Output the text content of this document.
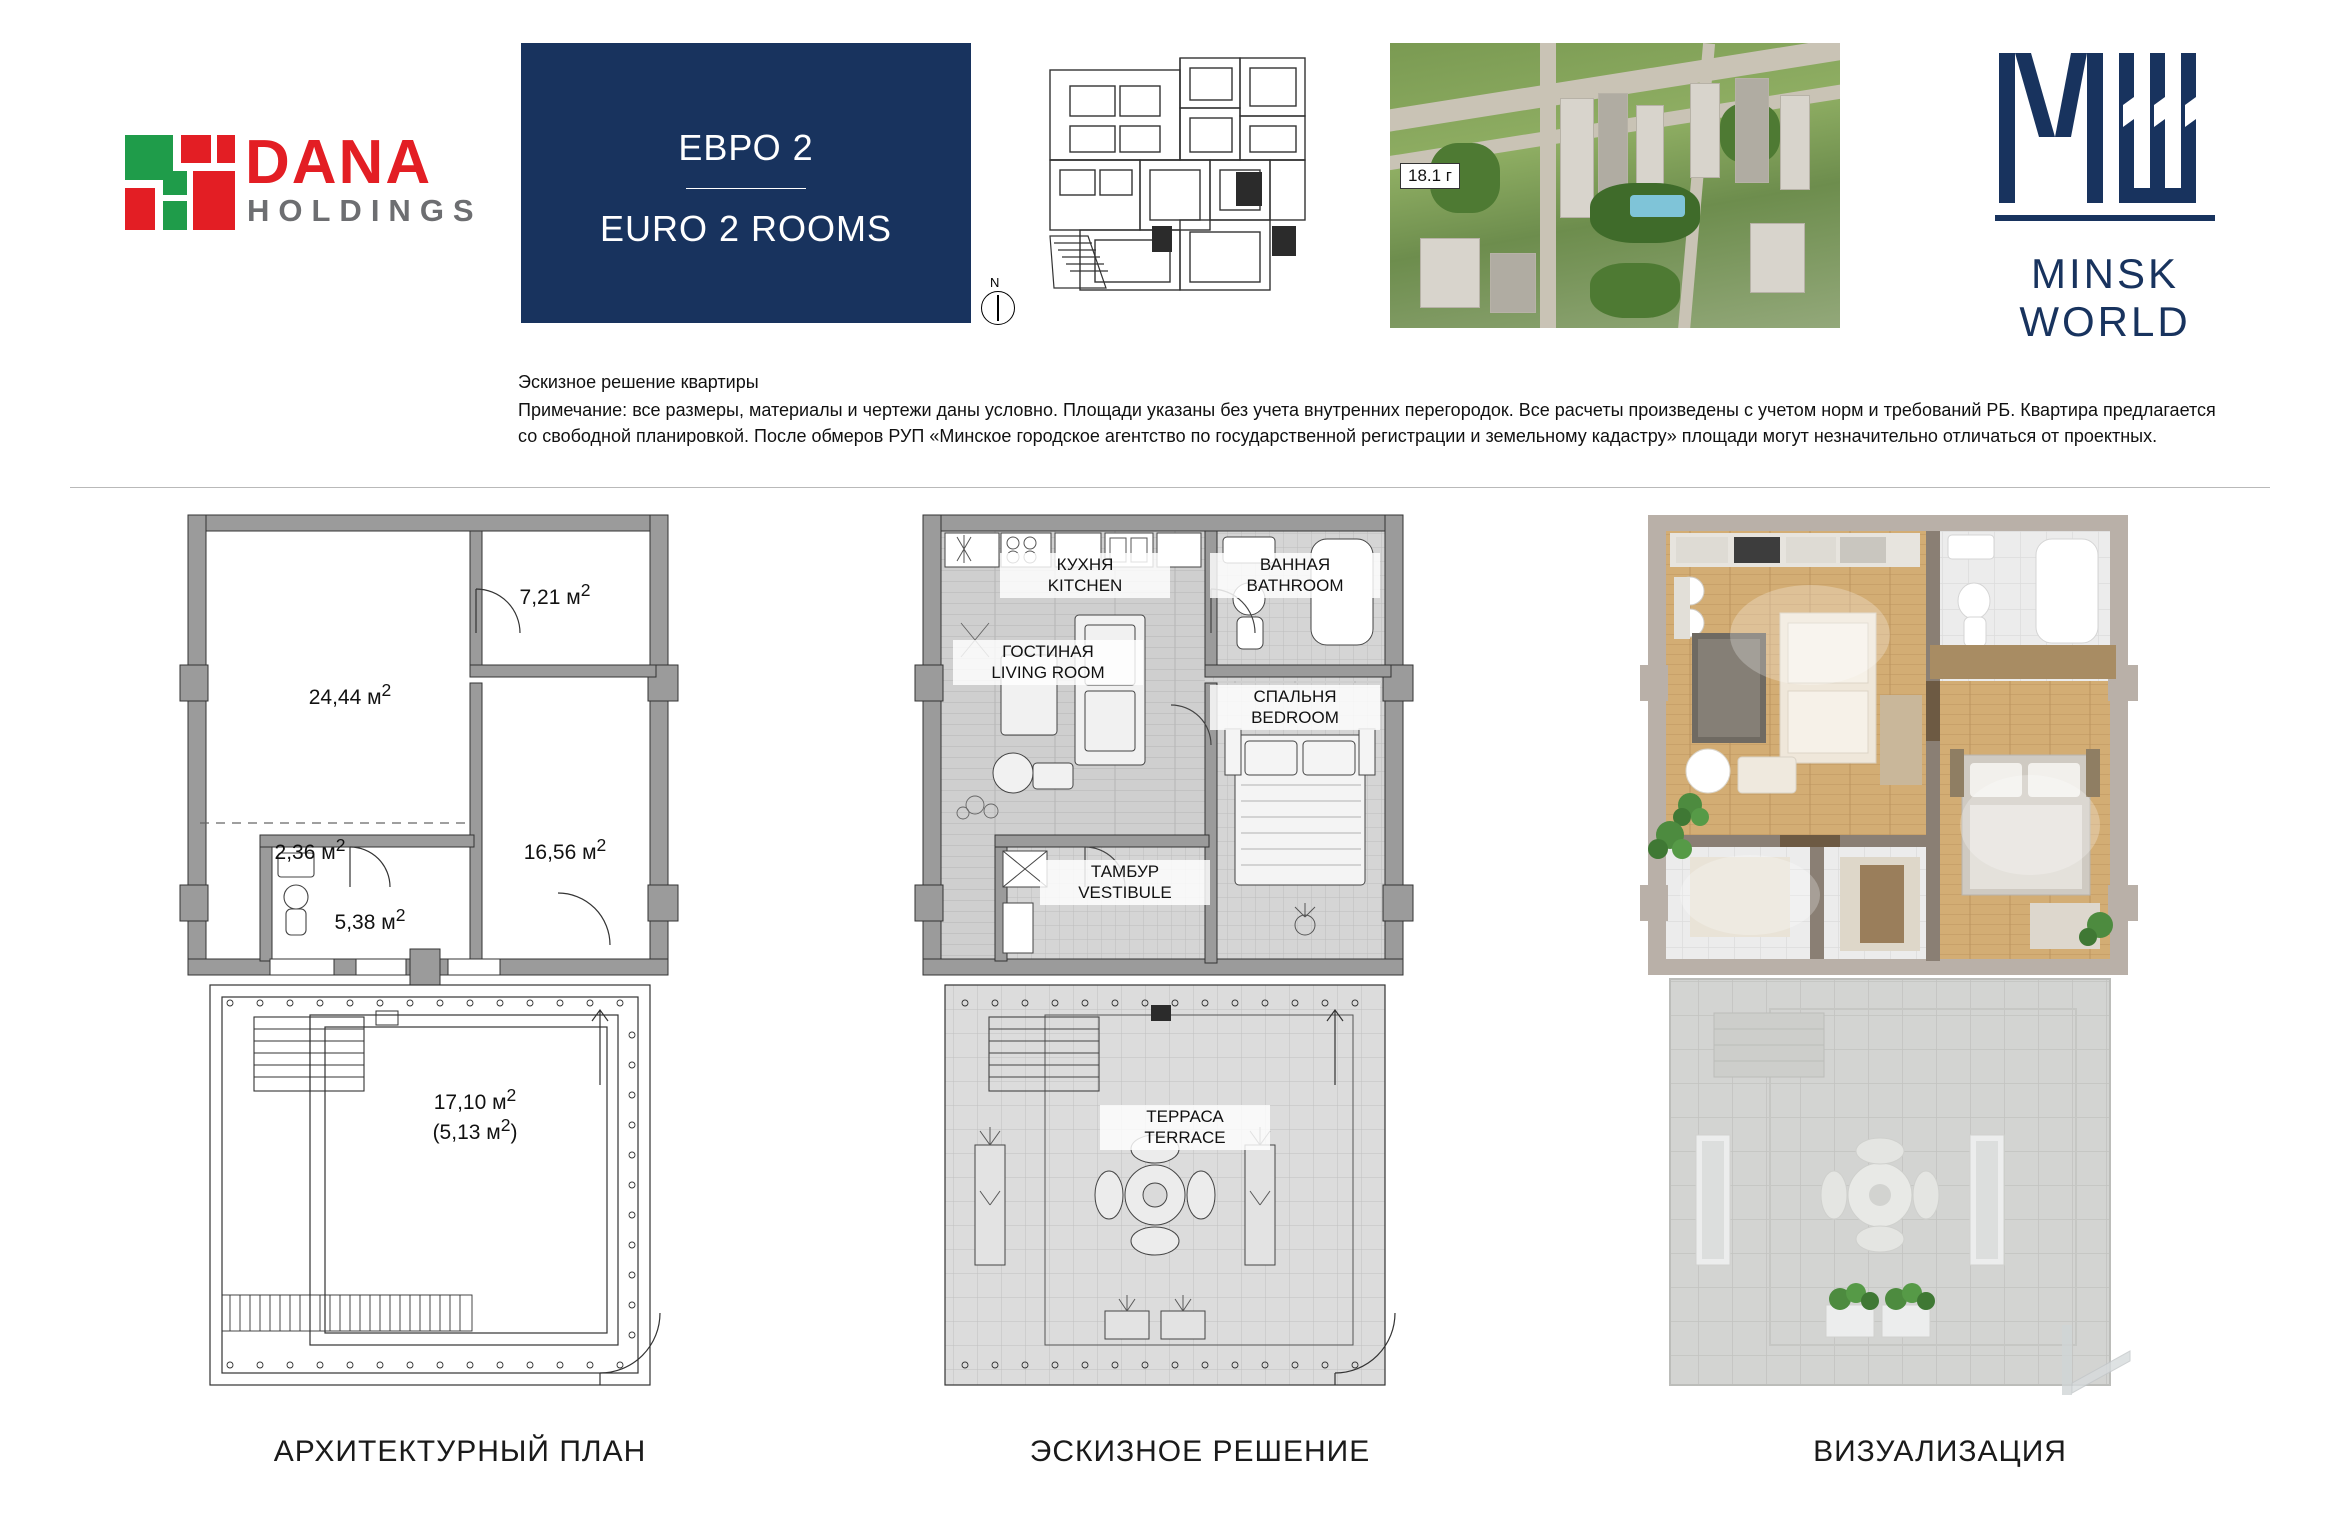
DANA
HOLDINGS
ЕВРО 2
EURO 2 ROOMS
N
18.1 г
MINSK WORLD
Эскизное решение квартиры
Примечание: все размеры, материалы и чертежи даны условно. Площади указаны без учета внутренних перегородок. Все расчеты произведены с учетом норм и требований РБ. Квартира предлагается со свободной планировкой. После обмеров РУП «Минское городское агентство по государственной регистрации и земельному кадастру» площади могут незначительно отличаться от проектных.
24,44 $м^2$
7,21 $м^2$
2,36 $м^2$	16,56 $м^2$
5,38 $м^2$
17,10 $м^2$
(5,13 $м^2$)
КУХНЯ
KITCHEN
ВАННАЯ
BATHROOM
ГОСТИНАЯ
LIVING ROOM
СПАЛЬНЯ
BEDROOM
ТАМБУР
VESTIBULE
ТЕРРАСА
TERRACE
АРХИТЕКТУРНЫЙ ПЛАН	ЭСКИЗНОЕ РЕШЕНИЕ	ВИЗУАЛИЗАЦИЯ
